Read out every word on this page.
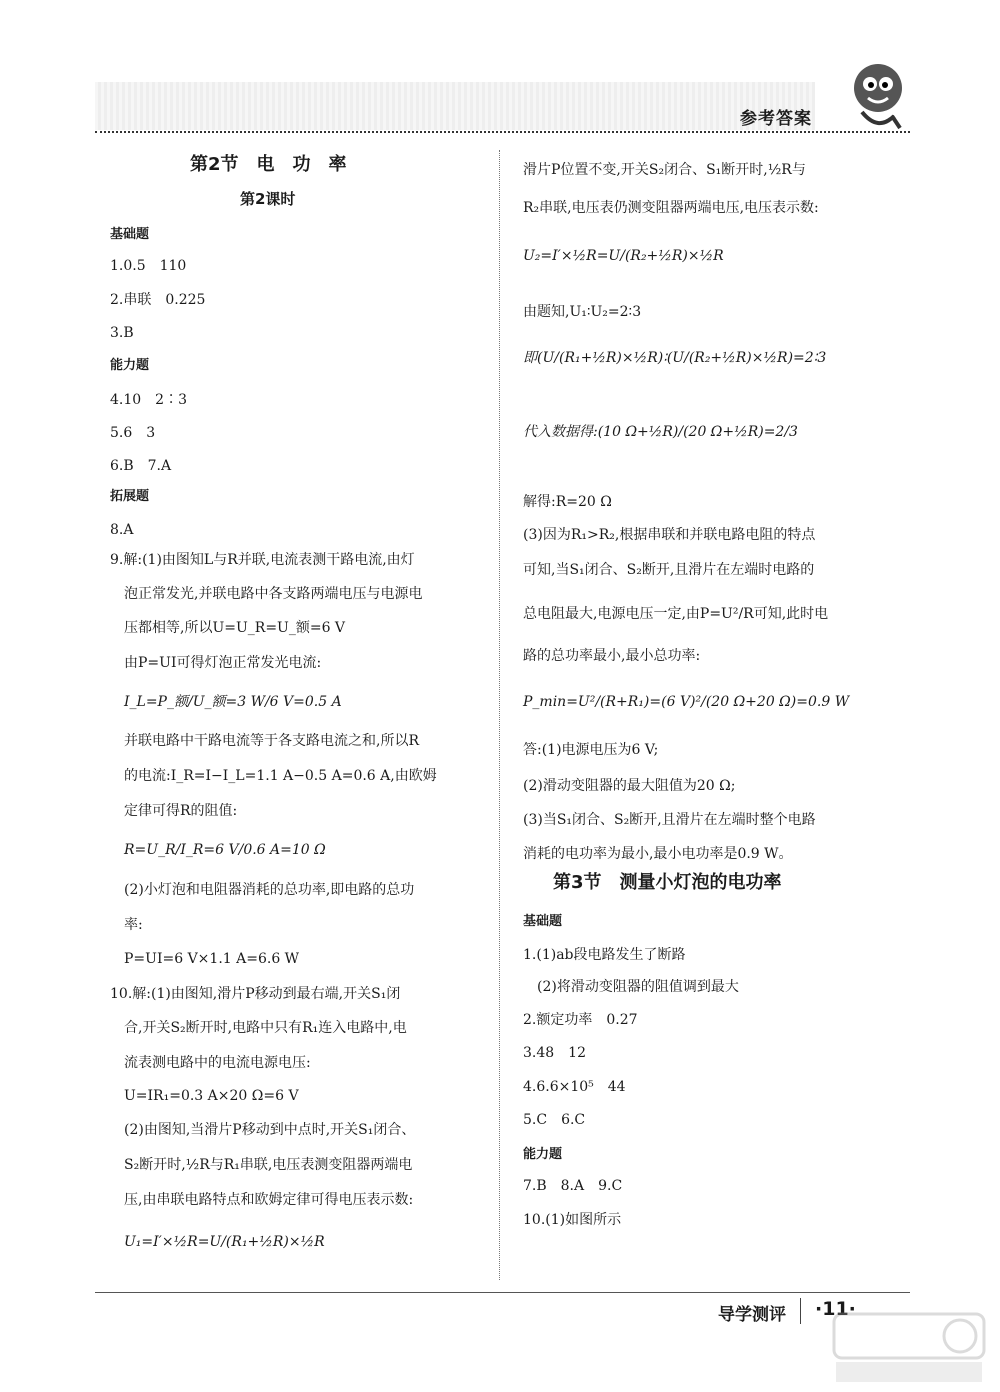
参考答案
第2节　电　功　率
第2课时
基础题
1.0.5　110
2.串联　0.225
3.B
能力题
4.10　2∶3
5.6　3
6.B　7.A
拓展题
8.A
9.解:(1)由图知L与R并联,电流表测干路电流,由灯
　泡正常发光,并联电路中各支路两端电压与电源电
　压都相等,所以U=U_R=U_额=6 V
　由P=UI可得灯泡正常发光电流:
　I_L=P_额/U_额=3 W/6 V=0.5 A
　并联电路中干路电流等于各支路电流之和,所以R
　的电流:I_R=I−I_L=1.1 A−0.5 A=0.6 A,由欧姆
　定律可得R的阻值:
　R=U_R/I_R=6 V/0.6 A=10 Ω
　(2)小灯泡和电阻器消耗的总功率,即电路的总功
　率:
　P=UI=6 V×1.1 A=6.6 W
10.解:(1)由图知,滑片P移动到最右端,开关S₁闭
　合,开关S₂断开时,电路中只有R₁连入电路中,电
　流表测电路中的电流电源电压:
　U=IR₁=0.3 A×20 Ω=6 V
　(2)由图知,当滑片P移动到中点时,开关S₁闭合、
　S₂断开时,½R与R₁串联,电压表测变阻器两端电
　压,由串联电路特点和欧姆定律可得电压表示数:
　U₁=I′×½R=U/(R₁+½R)×½R
第3节　测量小灯泡的电功率
滑片P位置不变,开关S₂闭合、S₁断开时,½R与
R₂串联,电压表仍测变阻器两端电压,电压表示数:
U₂=I′×½R=U/(R₂+½R)×½R
由题知,U₁∶U₂=2∶3
即(U/(R₁+½R)×½R)∶(U/(R₂+½R)×½R)=2∶3
代入数据得:(10 Ω+½R)/(20 Ω+½R)=2/3
解得:R=20 Ω
(3)因为R₁>R₂,根据串联和并联电路电阻的特点
可知,当S₁闭合、S₂断开,且滑片在左端时电路的
总电阻最大,电源电压一定,由P=U²/R可知,此时电
路的总功率最小,最小总功率:
P_min=U²/(R+R₁)=(6 V)²/(20 Ω+20 Ω)=0.9 W
答:(1)电源电压为6 V;
(2)滑动变阻器的最大阻值为20 Ω;
(3)当S₁闭合、S₂断开,且滑片在左端时整个电路
消耗的电功率为最小,最小电功率是0.9 W。
基础题
1.(1)ab段电路发生了断路
　(2)将滑动变阻器的阻值调到最大
2.额定功率　0.27
3.48　12
4.6.6×10⁵　44
5.C　6.C
能力题
7.B　8.A　9.C
10.(1)如图所示
导学测评 ·11·
